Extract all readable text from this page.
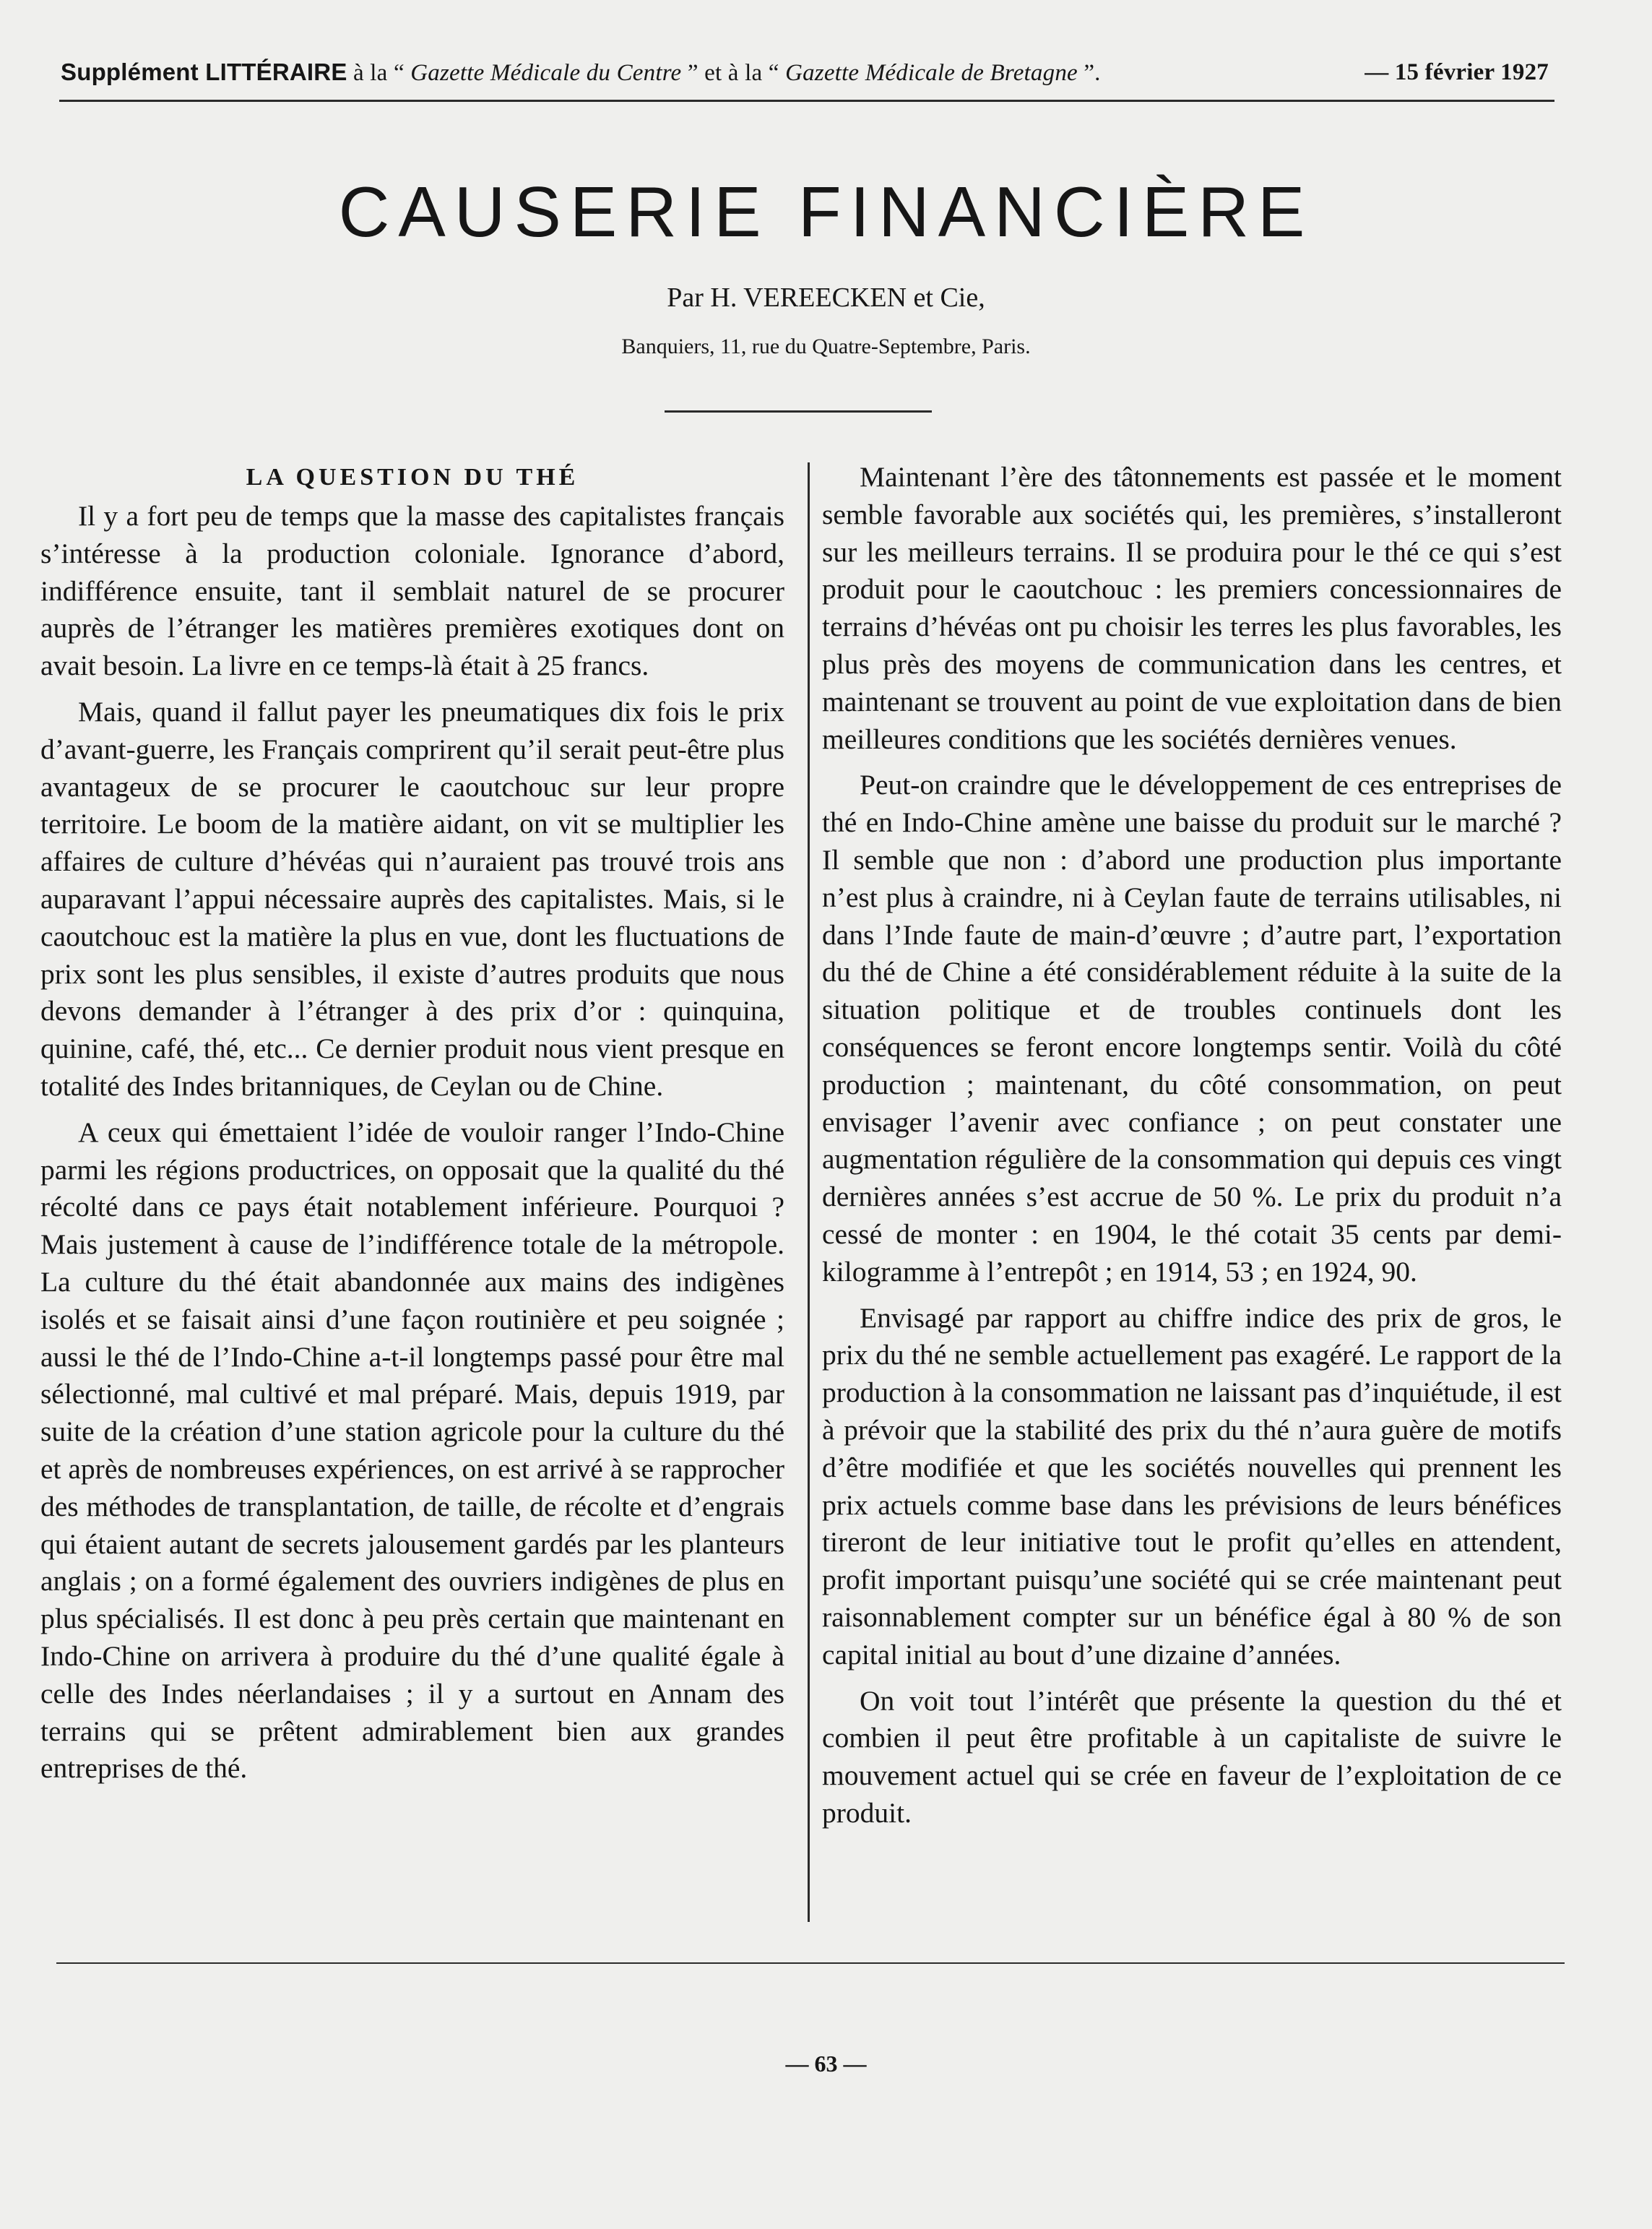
Supplément LITTÉRAIRE à la “ Gazette Médicale du Centre ” et à la “ Gazette Médicale de Bretagne ”.	— 15 février 1927
CAUSERIE FINANCIÈRE
Par H. VEREECKEN et Cie,
Banquiers, 11, rue du Quatre-Septembre, Paris.
LA QUESTION DU THÉ

Il y a fort peu de temps que la masse des capitalistes français s’intéresse à la production coloniale. Ignorance d’abord, indifférence ensuite, tant il semblait naturel de se procurer auprès de l’étranger les matières premières exotiques dont on avait besoin. La livre en ce temps-là était à 25 francs.

Mais, quand il fallut payer les pneumatiques dix fois le prix d’avant-guerre, les Français comprirent qu’il serait peut-être plus avantageux de se procurer le caoutchouc sur leur propre territoire. Le boom de la matière aidant, on vit se multiplier les affaires de culture d’hévéas qui n’auraient pas trouvé trois ans auparavant l’appui nécessaire auprès des capitalistes. Mais, si le caoutchouc est la matière la plus en vue, dont les fluctuations de prix sont les plus sensibles, il existe d’autres produits que nous devons demander à l’étranger à des prix d’or : quinquina, quinine, café, thé, etc... Ce dernier produit nous vient presque en totalité des Indes britanniques, de Ceylan ou de Chine.

A ceux qui émettaient l’idée de vouloir ranger l’Indo-Chine parmi les régions productrices, on opposait que la qualité du thé récolté dans ce pays était notablement inférieure. Pourquoi ? Mais justement à cause de l’indifférence totale de la métropole. La culture du thé était abandonnée aux mains des indigènes isolés et se faisait ainsi d’une façon routinière et peu soignée ; aussi le thé de l’Indo-Chine a-t-il longtemps passé pour être mal sélectionné, mal cultivé et mal préparé. Mais, depuis 1919, par suite de la création d’une station agricole pour la culture du thé et après de nombreuses expériences, on est arrivé à se rapprocher des méthodes de transplantation, de taille, de récolte et d’engrais qui étaient autant de secrets jalousement gardés par les planteurs anglais ; on a formé également des ouvriers indigènes de plus en plus spécialisés. Il est donc à peu près certain que maintenant en Indo-Chine on arrivera à produire du thé d’une qualité égale à celle des Indes néerlandaises ; il y a surtout en Annam des terrains qui se prêtent admirablement bien aux grandes entreprises de thé.

Maintenant l’ère des tâtonnements est passée et le moment semble favorable aux sociétés qui, les premières, s’installeront sur les meilleurs terrains. Il se produira pour le thé ce qui s’est produit pour le caoutchouc : les premiers concessionnaires de terrains d’hévéas ont pu choisir les terres les plus favorables, les plus près des moyens de communication dans les centres, et maintenant se trouvent au point de vue exploitation dans de bien meilleures conditions que les sociétés dernières venues.

Peut-on craindre que le développement de ces entreprises de thé en Indo-Chine amène une baisse du produit sur le marché ? Il semble que non : d’abord une production plus importante n’est plus à craindre, ni à Ceylan faute de terrains utilisables, ni dans l’Inde faute de main-d’œuvre ; d’autre part, l’exportation du thé de Chine a été considérablement réduite à la suite de la situation politique et de troubles continuels dont les conséquences se feront encore longtemps sentir. Voilà du côté production ; maintenant, du côté consommation, on peut envisager l’avenir avec confiance ; on peut constater une augmentation régulière de la consommation qui depuis ces vingt dernières années s’est accrue de 50 %. Le prix du produit n’a cessé de monter : en 1904, le thé cotait 35 cents par demi-kilogramme à l’entrepôt ; en 1914, 53 ; en 1924, 90.

Envisagé par rapport au chiffre indice des prix de gros, le prix du thé ne semble actuellement pas exagéré. Le rapport de la production à la consommation ne laissant pas d’inquiétude, il est à prévoir que la stabilité des prix du thé n’aura guère de motifs d’être modifiée et que les sociétés nouvelles qui prennent les prix actuels comme base dans les prévisions de leurs bénéfices tireront de leur initiative tout le profit qu’elles en attendent, profit important puisqu’une société qui se crée maintenant peut raisonnablement compter sur un bénéfice égal à 80 % de son capital initial au bout d’une dizaine d’années.

On voit tout l’intérêt que présente la question du thé et combien il peut être profitable à un capitaliste de suivre le mouvement actuel qui se crée en faveur de l’exploitation de ce produit.

— 63 —
